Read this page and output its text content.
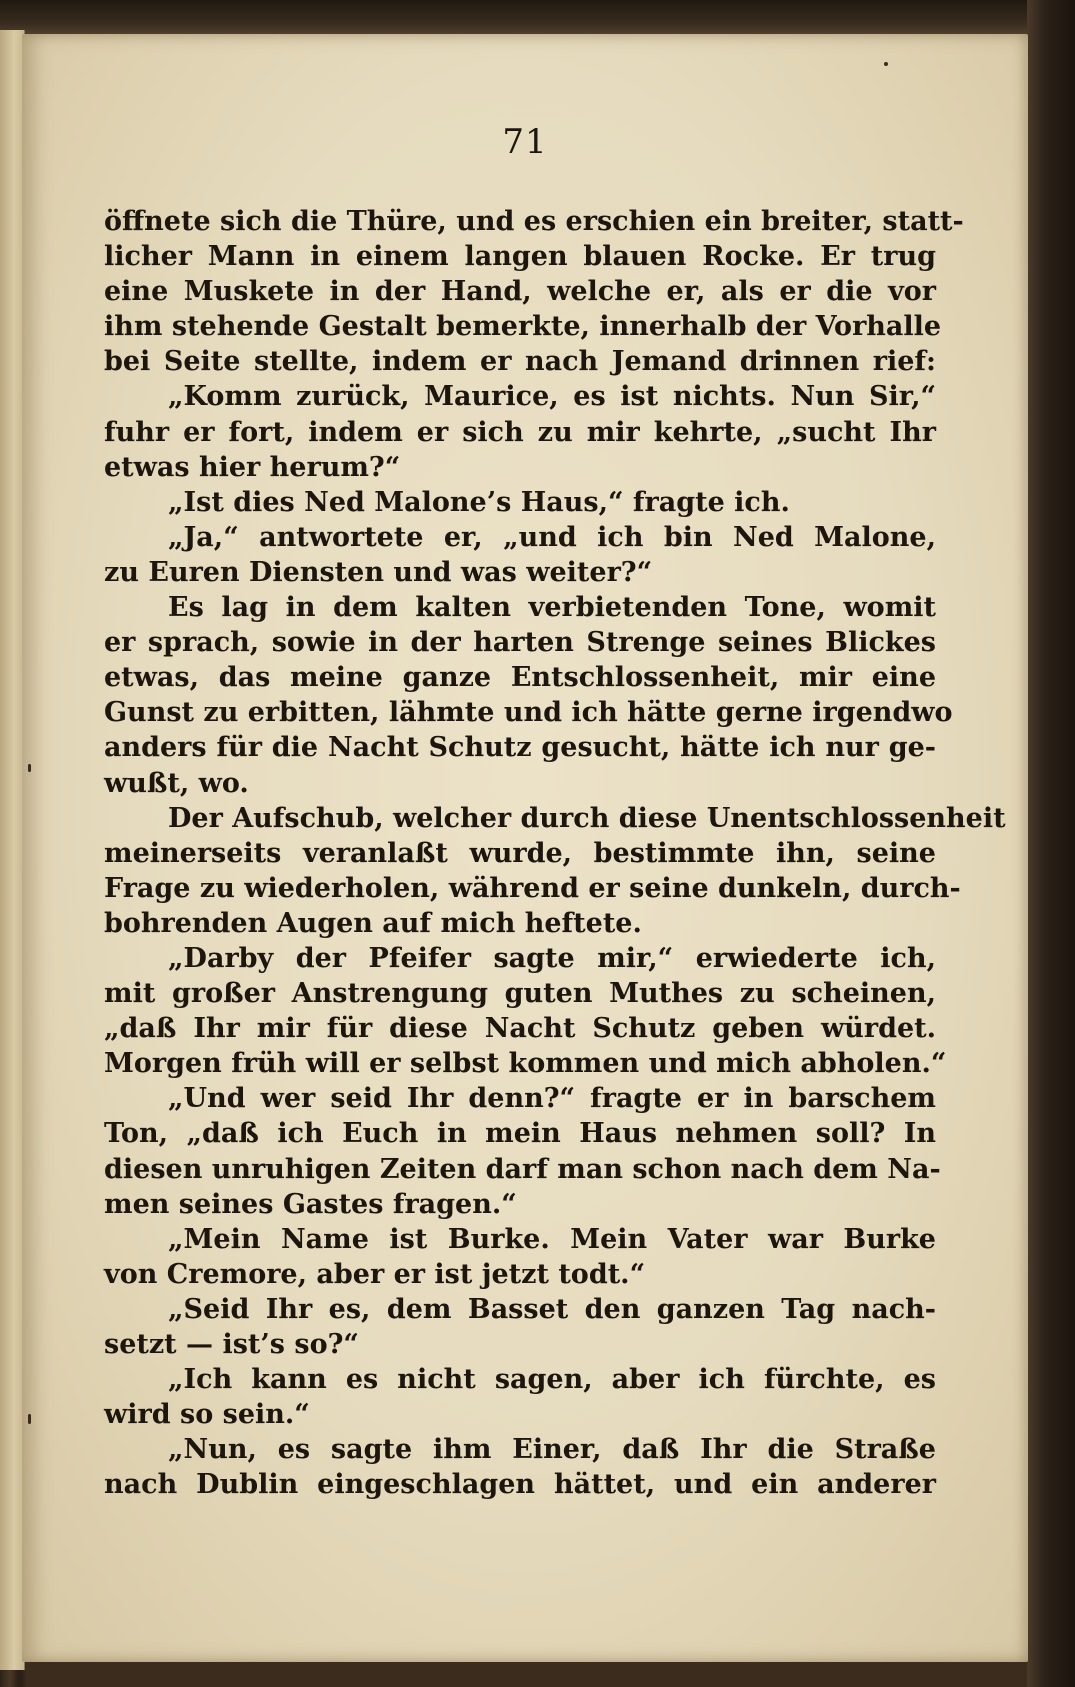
71
öffnete sich die Thüre, und es erschien ein breiter, statt-
licher Mann in einem langen blauen Rocke. Er trug
eine Muskete in der Hand, welche er, als er die vor
ihm stehende Gestalt bemerkte, innerhalb der Vorhalle
bei Seite stellte, indem er nach Jemand drinnen rief:
„Komm zurück, Maurice, es ist nichts. Nun Sir,“
fuhr er fort, indem er sich zu mir kehrte, „sucht Ihr
etwas hier herum?“
„Ist dies Ned Malone’s Haus,“ fragte ich.
„Ja,“ antwortete er, „und ich bin Ned Malone,
zu Euren Diensten und was weiter?“
Es lag in dem kalten verbietenden Tone, womit
er sprach, sowie in der harten Strenge seines Blickes
etwas, das meine ganze Entschlossenheit, mir eine
Gunst zu erbitten, lähmte und ich hätte gerne irgendwo
anders für die Nacht Schutz gesucht, hätte ich nur ge-
wußt, wo.
Der Aufschub, welcher durch diese Unentschlossenheit
meinerseits veranlaßt wurde, bestimmte ihn, seine
Frage zu wiederholen, während er seine dunkeln, durch-
bohrenden Augen auf mich heftete.
„Darby der Pfeifer sagte mir,“ erwiederte ich,
mit großer Anstrengung guten Muthes zu scheinen,
„daß Ihr mir für diese Nacht Schutz geben würdet.
Morgen früh will er selbst kommen und mich abholen.“
„Und wer seid Ihr denn?“ fragte er in barschem
Ton, „daß ich Euch in mein Haus nehmen soll? In
diesen unruhigen Zeiten darf man schon nach dem Na-
men seines Gastes fragen.“
„Mein Name ist Burke. Mein Vater war Burke
von Cremore, aber er ist jetzt todt.“
„Seid Ihr es, dem Basset den ganzen Tag nach-
setzt — ist’s so?“
„Ich kann es nicht sagen, aber ich fürchte, es
wird so sein.“
„Nun, es sagte ihm Einer, daß Ihr die Straße
nach Dublin eingeschlagen hättet, und ein anderer
